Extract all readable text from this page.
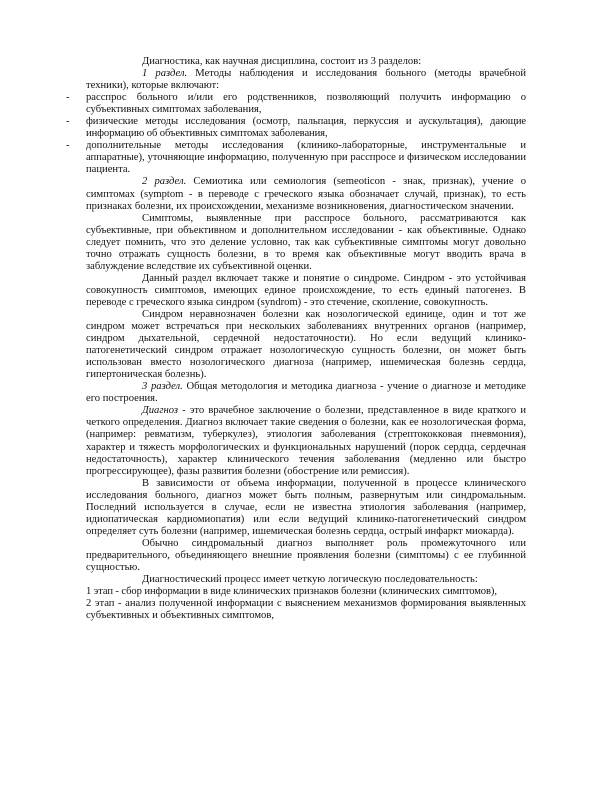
Диагностика, как научная дисциплина, состоит из 3 разделов:

1 раздел. Методы наблюдения и исследования больного (методы врачебной техники), которые включают:

- расспрос больного и/или его родственников, позволяющий получить информацию о субъективных симптомах заболевания,

- физические методы исследования (осмотр, пальпация, перкуссия и аускультация), дающие информацию об объективных симптомах заболевания,

- дополнительные методы исследования (клинико-лабораторные, инструментальные и аппаратные), уточняющие информацию, полученную при расспросе и физическом исследовании пациента.

2 раздел. Семиотика или семиология (semeoticon - знак, признак), учение о симптомах (symptom - в переводе с греческого языка обозначает случай, признак), то есть признаках болезни, их происхождении, механизме возникновения, диагностическом значении.

Симптомы, выявленные при расспросе больного, рассматриваются как субъективные, при объективном и дополнительном исследовании - как объективные. Однако следует помнить, что это деление условно, так как субъективные симптомы могут довольно точно отражать сущность болезни, в то время как объективные могут вводить врача в заблуждение вследствие их субъективной оценки.

Данный раздел включает также и понятие о синдроме. Синдром - это устойчивая совокупность симптомов, имеющих единое происхождение, то есть единый патогенез. В переводе с греческого языка синдром (syndrom) - это стечение, скопление, совокупность.

Синдром неравнозначен болезни как нозологической единице, один и тот же синдром может встречаться при нескольких заболеваниях внутренних органов (например, синдром дыхательной, сердечной недостаточности). Но если ведущий клинико-патогенетический синдром отражает нозологическую сущность болезни, он может быть использован вместо нозологического диагноза (например, ишемическая болезнь сердца, гипертоническая болезнь).

3 раздел. Общая методология и методика диагноза - учение о диагнозе и методике его построения.

Диагноз - это врачебное заключение о болезни, представленное в виде краткого и четкого определения. Диагноз включает такие сведения о болезни, как ее нозологическая форма, (например: ревматизм, туберкулез), этиология заболевания (стрептококковая пневмония), характер и тяжесть морфологических и функциональных нарушений (порок сердца, сердечная недостаточность), характер клинического течения заболевания (медленно или быстро прогрессирующее), фазы развития болезни (обострение или ремиссия).

В зависимости от объема информации, полученной в процессе клинического исследования больного, диагноз может быть полным, развернутым или синдромальным. Последний используется в случае, если не известна этиология заболевания (например, идиопатическая кардиомиопатия) или если ведущий клинико-патогенетический синдром определяет суть болезни (например, ишемическая болезнь сердца, острый инфаркт миокарда).

Обычно синдромальный диагноз выполняет роль промежуточного или предварительного, объединяющего внешние проявления болезни (симптомы) с ее глубинной сущностью.

Диагностический процесс имеет четкую логическую последовательность:

1 этап - сбор информации в виде клинических признаков болезни (клинических симптомов),

2 этап - анализ полученной информации с выяснением механизмов формирования выявленных субъективных и объективных симптомов,
